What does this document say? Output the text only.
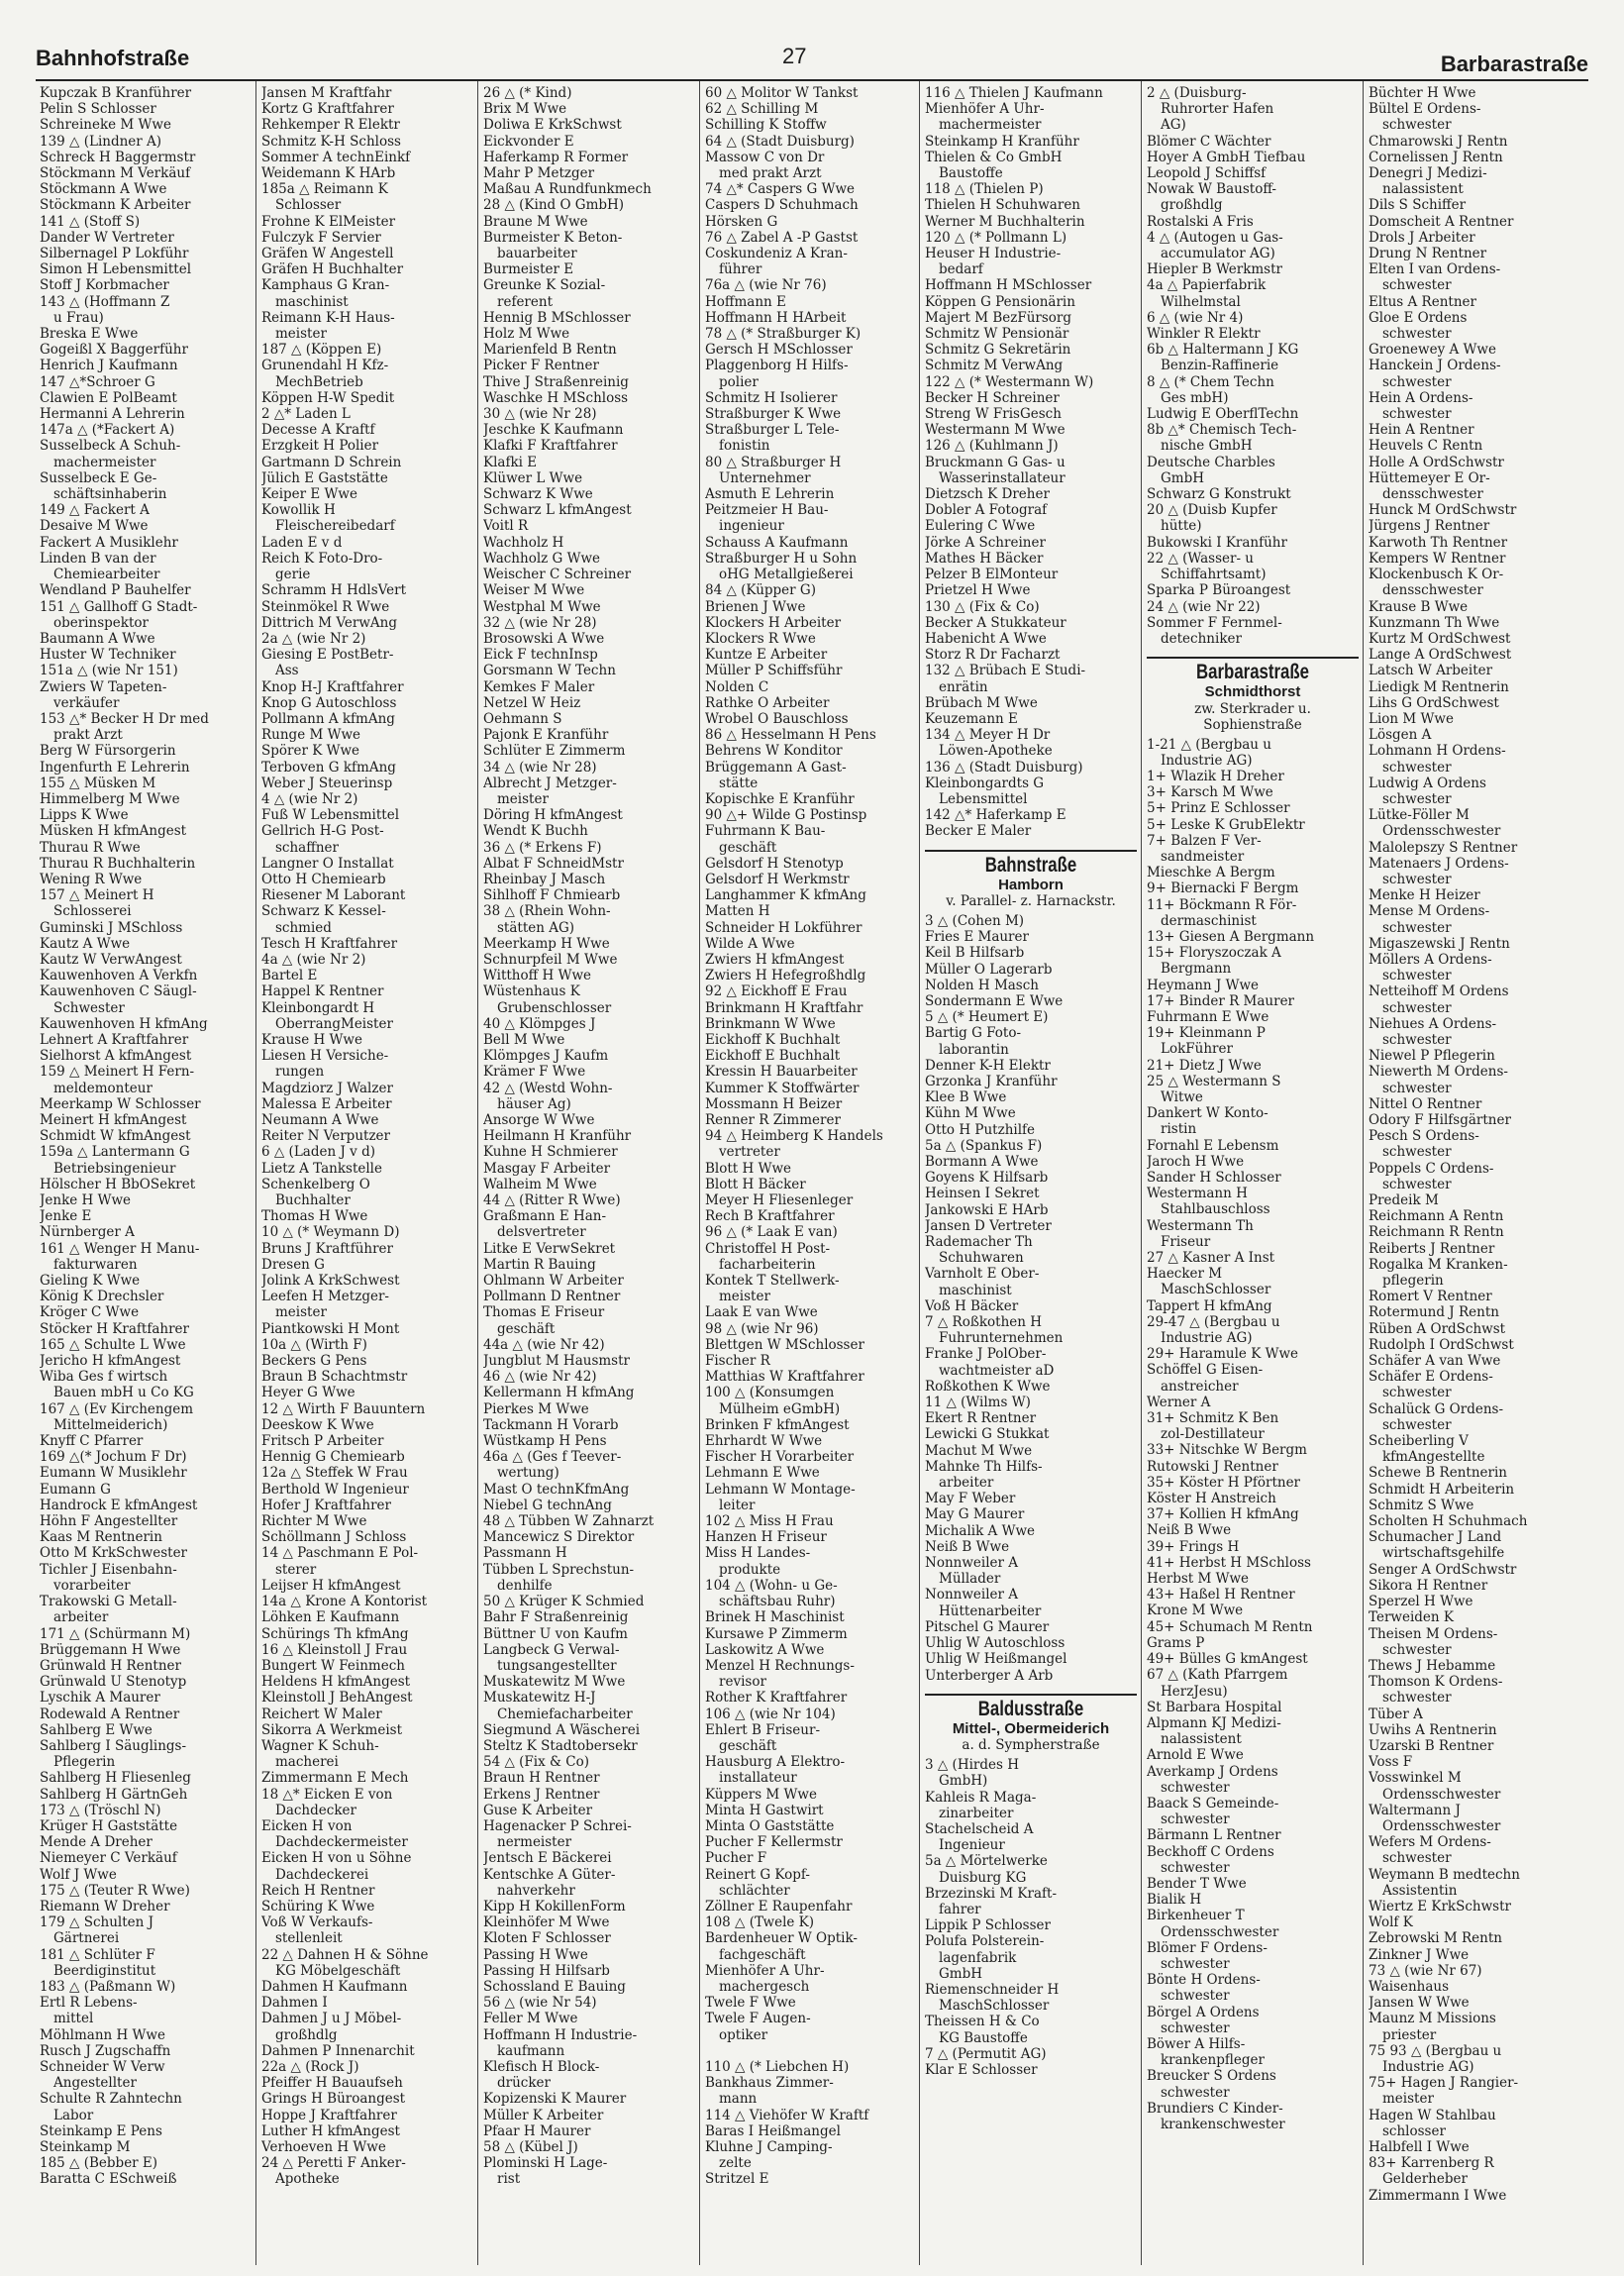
Bahnhofstraße	27	Barbarastraße
Kupczak B Kranführer
Pelin S Schlosser
Schreineke M Wwe
139 △ (Lindner A)
Schreck H Baggermstr
Stöckmann M Verkäuf
Stöckmann A Wwe
Stöckmann K Arbeiter
141 △ (Stoff S)
Dander W Vertreter
Silbernagel P Lokführ
Simon H Lebensmittel
Stoff J Korbmacher
143 △ (Hoffmann Z
u Frau)
Breska E Wwe
Gogeißl X Baggerführ
Henrich J Kaufmann
147 △*Schroer G
Clawien E PolBeamt
Hermanni A Lehrerin
147a △ (*Fackert A)
Susselbeck A Schuh-
machermeister
Susselbeck E Ge-
schäftsinhaberin
149 △ Fackert A
Desaive M Wwe
Fackert A Musiklehr
Linden B van der
Chemiearbeiter
Wendland P Bauhelfer
151 △ Gallhoff G Stadt-
oberinspektor
Baumann A Wwe
Huster W Techniker
151a △ (wie Nr 151)
Zwiers W Tapeten-
verkäufer
153 △* Becker H Dr med
prakt Arzt
Berg W Fürsorgerin
Ingenfurth E Lehrerin
155 △ Müsken M
Himmelberg M Wwe
Lipps K Wwe
Müsken H kfmAngest
Thurau R Wwe
Thurau R Buchhalterin
Wening R Wwe
157 △ Meinert H
Schlosserei
Guminski J MSchloss
Kautz A Wwe
Kautz W VerwAngest
Kauwenhoven A Verkfn
Kauwenhoven C Säugl-
Schwester
Kauwenhoven H kfmAng
Lehnert A Kraftfahrer
Sielhorst A kfmAngest
159 △ Meinert H Fern-
meldemonteur
Meerkamp W Schlosser
Meinert H kfmAngest
Schmidt W kfmAngest
159a △ Lantermann G
Betriebsingenieur
Hölscher H BbOSekret
Jenke H Wwe
Jenke E
Nürnberger A
161 △ Wenger H Manu-
fakturwaren
Gieling K Wwe
König K Drechsler
Kröger C Wwe
Stöcker H Kraftfahrer
165 △ Schulte L Wwe
Jericho H kfmAngest
Wiba Ges f wirtsch
Bauen mbH u Co KG
167 △ (Ev Kirchengem
Mittelmeiderich)
Knyff C Pfarrer
169 △(* Jochum F Dr)
Eumann W Musiklehr
Eumann G
Handrock E kfmAngest
Höhn F Angestellter
Kaas M Rentnerin
Otto M KrkSchwester
Tichler J Eisenbahn-
vorarbeiter
Trakowski G Metall-
arbeiter
171 △ (Schürmann M)
Brüggemann H Wwe
Grünwald H Rentner
Grünwald U Stenotyp
Lyschik A Maurer
Rodewald A Rentner
Sahlberg E Wwe
Sahlberg I Säuglings-
Pflegerin
Sahlberg H Fliesenleg
Sahlberg H GärtnGeh
173 △ (Tröschl N)
Krüger H Gaststätte
Mende A Dreher
Niemeyer C Verkäuf
Wolf J Wwe
175 △ (Teuter R Wwe)
Riemann W Dreher
179 △ Schulten J
Gärtnerei
181 △ Schlüter F
Beerdiginstitut
183 △ (Paßmann W)
Ertl R Lebens-
mittel
Möhlmann H Wwe
Rusch J Zugschaffn
Schneider W Verw
Angestellter
Schulte R Zahntechn
Labor
Steinkamp E Pens
Steinkamp M
185 △ (Bebber E)
Baratta C ESchweiß
Jansen M Kraftfahr
Kortz G Kraftfahrer
Rehkemper R Elektr
Schmitz K-H Schloss
Sommer A technEinkf
Weidemann K HArb
185a △ Reimann K
Schlosser
Frohne K ElMeister
Fulczyk F Servier
Gräfen W Angestell
Gräfen H Buchhalter
Kamphaus G Kran-
maschinist
Reimann K-H Haus-
meister
187 △ (Köppen E)
Grunendahl H Kfz-
MechBetrieb
Köppen H-W Spedit
2 △* Laden L
Decesse A Kraftf
Erzgkeit H Polier
Gartmann D Schrein
Jülich E Gaststätte
Keiper E Wwe
Kowollik H
Fleischereibedarf
Laden E v d
Reich K Foto-Dro-
gerie
Schramm H HdlsVert
Steinmökel R Wwe
Dittrich M VerwAng
2a △ (wie Nr 2)
Giesing E PostBetr-
Ass
Knop H-J Kraftfahrer
Knop G Autoschloss
Pollmann A kfmAng
Runge M Wwe
Spörer K Wwe
Terboven G kfmAng
Weber J Steuerinsp
4 △ (wie Nr 2)
Fuß W Lebensmittel
Gellrich H-G Post-
schaffner
Langner O Installat
Otto H Chemiearb
Riesener M Laborant
Schwarz K Kessel-
schmied
Tesch H Kraftfahrer
4a △ (wie Nr 2)
Bartel E
Happel K Rentner
Kleinbongardt H
OberrangMeister
Krause H Wwe
Liesen H Versiche-
rungen
Magdziorz J Walzer
Malessa E Arbeiter
Neumann A Wwe
Reiter N Verputzer
6 △ (Laden J v d)
Lietz A Tankstelle
Schenkelberg O
Buchhalter
Thomas H Wwe
10 △ (* Weymann D)
Bruns J Kraftführer
Dresen G
Jolink A KrkSchwest
Leefen H Metzger-
meister
Piantkowski H Mont
10a △ (Wirth F)
Beckers G Pens
Braun B Schachtmstr
Heyer G Wwe
12 △ Wirth F Bauuntern
Deeskow K Wwe
Fritsch P Arbeiter
Hennig G Chemiearb
12a △ Steffek W Frau
Berthold W Ingenieur
Hofer J Kraftfahrer
Richter M Wwe
Schöllmann J Schloss
14 △ Paschmann E Pol-
sterer
Leijser H kfmAngest
14a △ Krone A Kontorist
Löhken E Kaufmann
Schürings Th kfmAng
16 △ Kleinstoll J Frau
Bungert W Feinmech
Heldens H kfmAngest
Kleinstoll J BehAngest
Reichert W Maler
Sikorra A Werkmeist
Wagner K Schuh-
macherei
Zimmermann E Mech
18 △* Eicken E von
Dachdecker
Eicken H von
Dachdeckermeister
Eicken H von u Söhne
Dachdeckerei
Reich H Rentner
Schüring K Wwe
Voß W Verkaufs-
stellenleit
22 △ Dahnen H & Söhne
KG Möbelgeschäft
Dahmen H Kaufmann
Dahmen I
Dahmen J u J Möbel-
großhdlg
Dahmen P Innenarchit
22a △ (Rock J)
Pfeiffer H Bauaufseh
Grings H Büroangest
Hoppe J Kraftfahrer
Luther H kfmAngest
Verhoeven H Wwe
24 △ Peretti F Anker-
Apotheke
26 △ (* Kind)
Brix M Wwe
Doliwa E KrkSchwst
Eickvonder E
Haferkamp R Former
Mahr P Metzger
Maßau A Rundfunkmech
28 △ (Kind O GmbH)
Braune M Wwe
Burmeister K Beton-
bauarbeiter
Burmeister E
Greunke K Sozial-
referent
Hennig B MSchlosser
Holz M Wwe
Marienfeld B Rentn
Picker F Rentner
Thive J Straßenreinig
Waschke H MSchloss
30 △ (wie Nr 28)
Jeschke K Kaufmann
Klafki F Kraftfahrer
Klafki E
Klüwer L Wwe
Schwarz K Wwe
Schwarz L kfmAngest
Voitl R
Wachholz H
Wachholz G Wwe
Weischer C Schreiner
Weiser M Wwe
Westphal M Wwe
32 △ (wie Nr 28)
Brosowski A Wwe
Eick F technInsp
Gorsmann W Techn
Kemkes F Maler
Netzel W Heiz
Oehmann S
Pajonk E Kranführ
Schlüter E Zimmerm
34 △ (wie Nr 28)
Albrecht J Metzger-
meister
Döring H kfmAngest
Wendt K Buchh
36 △ (* Erkens F)
Albat F SchneidMstr
Rheinbay J Masch
Sihlhoff F Chmiearb
38 △ (Rhein Wohn-
stätten AG)
Meerkamp H Wwe
Schnurpfeil M Wwe
Witthoff H Wwe
Wüstenhaus K
Grubenschlosser
40 △ Klömpges J
Bell M Wwe
Klömpges J Kaufm
Krämer F Wwe
42 △ (Westd Wohn-
häuser Ag)
Ansorge W Wwe
Heilmann H Kranführ
Kuhne H Schmierer
Masgay F Arbeiter
Walheim M Wwe
44 △ (Ritter R Wwe)
Graßmann E Han-
delsvertreter
Litke E VerwSekret
Martin R Bauing
Ohlmann W Arbeiter
Pollmann D Rentner
Thomas E Friseur
geschäft
44a △ (wie Nr 42)
Jungblut M Hausmstr
46 △ (wie Nr 42)
Kellermann H kfmAng
Pierkes M Wwe
Tackmann H Vorarb
Wüstkamp H Pens
46a △ (Ges f Teever-
wertung)
Mast O technKfmAng
Niebel G technAng
48 △ Tübben W Zahnarzt
Mancewicz S Direktor
Passmann H
Tübben L Sprechstun-
denhilfe
50 △ Krüger K Schmied
Bahr F Straßenreinig
Büttner U von Kaufm
Langbeck G Verwal-
tungsangestellter
Muskatewitz M Wwe
Muskatewitz H-J
Chemiefacharbeiter
Siegmund A Wäscherei
Steltz K Stadtobersekr
54 △ (Fix & Co)
Braun H Rentner
Erkens J Rentner
Guse K Arbeiter
Hagenacker P Schrei-
nermeister
Jentsch E Bäckerei
Kentschke A Güter-
nahverkehr
Kipp H KokillenForm
Kleinhöfer M Wwe
Kloten F Schlosser
Passing H Wwe
Passing H Hilfsarb
Schossland E Bauing
56 △ (wie Nr 54)
Feller M Wwe
Hoffmann H Industrie-
kaufmann
Klefisch H Block-
drücker
Kopizenski K Maurer
Müller K Arbeiter
Pfaar H Maurer
58 △ (Kübel J)
Plominski H Lage-
rist
60 △ Molitor W Tankst
62 △ Schilling M
Schilling K Stoffw
64 △ (Stadt Duisburg)
Massow C von Dr
med prakt Arzt
74 △* Caspers G Wwe
Caspers D Schuhmach
Hörsken G
76 △ Zabel A -P Gastst
Coskundeniz A Kran-
führer
76a △ (wie Nr 76)
Hoffmann E
Hoffmann H HArbeit
78 △ (* Straßburger K)
Gersch H MSchlosser
Plaggenborg H Hilfs-
polier
Schmitz H Isolierer
Straßburger K Wwe
Straßburger L Tele-
fonistin
80 △ Straßburger H
Unternehmer
Asmuth E Lehrerin
Peitzmeier H Bau-
ingenieur
Schauss A Kaufmann
Straßburger H u Sohn
oHG Metallgießerei
84 △ (Küpper G)
Brienen J Wwe
Klockers H Arbeiter
Klockers R Wwe
Kuntze E Arbeiter
Müller P Schiffsführ
Nolden C
Rathke O Arbeiter
Wrobel O Bauschloss
86 △ Hesselmann H Pens
Behrens W Konditor
Brüggemann A Gast-
stätte
Kopischke E Kranführ
90 △+ Wilde G Postinsp
Fuhrmann K Bau-
geschäft
Gelsdorf H Stenotyp
Gelsdorf H Werkmstr
Langhammer K kfmAng
Matten H
Schneider H Lokführer
Wilde A Wwe
Zwiers H kfmAngest
Zwiers H Hefegroßhdlg
92 △ Eickhoff E Frau
Brinkmann H Kraftfahr
Brinkmann W Wwe
Eickhoff K Buchhalt
Eickhoff E Buchhalt
Kressin H Bauarbeiter
Kummer K Stoffwärter
Mossmann H Beizer
Renner R Zimmerer
94 △ Heimberg K Handels
vertreter
Blott H Wwe
Blott H Bäcker
Meyer H Fliesenleger
Rech B Kraftfahrer
96 △ (* Laak E van)
Christoffel H Post-
facharbeiterin
Kontek T Stellwerk-
meister
Laak E van Wwe
98 △ (wie Nr 96)
Blettgen W MSchlosser
Fischer R
Matthias W Kraftfahrer
100 △ (Konsumgen
Mülheim eGmbH)
Brinken F kfmAngest
Ehrhardt W Wwe
Fischer H Vorarbeiter
Lehmann E Wwe
Lehmann W Montage-
leiter
102 △ Miss H Frau
Hanzen H Friseur
Miss H Landes-
produkte
104 △ (Wohn- u Ge-
schäftsbau Ruhr)
Brinek H Maschinist
Kursawe P Zimmerm
Laskowitz A Wwe
Menzel H Rechnungs-
revisor
Rother K Kraftfahrer
106 △ (wie Nr 104)
Ehlert B Friseur-
geschäft
Hausburg A Elektro-
installateur
Küppers M Wwe
Minta H Gastwirt
Minta O Gaststätte
Pucher F Kellermstr
Pucher F
Reinert G Kopf-
schlächter
Zöllner E Raupenfahr
108 △ (Twele K)
Bardenheuer W Optik-
fachgeschäft
Mienhöfer A Uhr-
machergesch
Twele F Wwe
Twele F Augen-
optiker

110 △ (* Liebchen H)
Bankhaus Zimmer-
mann
114 △ Viehöfer W Kraftf
Baras I Heißmangel
Kluhne J Camping-
zelte
Stritzel E
116 △ Thielen J Kaufmann
Mienhöfer A Uhr-
machermeister
Steinkamp H Kranführ
Thielen & Co GmbH
Baustoffe
118 △ (Thielen P)
Thielen H Schuhwaren
Werner M Buchhalterin
120 △ (* Pollmann L)
Heuser H Industrie-
bedarf
Hoffmann H MSchlosser
Köppen G Pensionärin
Majert M BezFürsorg
Schmitz W Pensionär
Schmitz G Sekretärin
Schmitz M VerwAng
122 △ (* Westermann W)
Becker H Schreiner
Streng W FrisGesch
Westermann M Wwe
126 △ (Kuhlmann J)
Bruckmann G Gas- u
Wasserinstallateur
Dietzsch K Dreher
Dobler A Fotograf
Eulering C Wwe
Jörke A Schreiner
Mathes H Bäcker
Pelzer B ElMonteur
Prietzel H Wwe
130 △ (Fix & Co)
Becker A Stukkateur
Habenicht A Wwe
Storz R Dr Facharzt
132 △ Brübach E Studi-
enrätin
Brübach M Wwe
Keuzemann E
134 △ Meyer H Dr
Löwen-Apotheke
136 △ (Stadt Duisburg)
Kleinbongardts G
Lebensmittel
142 △* Haferkamp E
Becker E Maler
Bahnstraße
Hamborn
v. Parallel- z. Harnackstr.
3 △ (Cohen M)
Fries E Maurer
Keil B Hilfsarb
Müller O Lagerarb
Nolden H Masch
Sondermann E Wwe
5 △ (* Heumert E)
Bartig G Foto-
laborantin
Denner K-H Elektr
Grzonka J Kranführ
Klee B Wwe
Kühn M Wwe
Otto H Putzhilfe
5a △ (Spankus F)
Bormann A Wwe
Goyens K Hilfsarb
Heinsen I Sekret
Jankowski E HArb
Jansen D Vertreter
Rademacher Th
Schuhwaren
Varnholt E Ober-
maschinist
Voß H Bäcker
7 △ Roßkothen H
Fuhrunternehmen
Franke J PolOber-
wachtmeister aD
Roßkothen K Wwe
11 △ (Wilms W)
Ekert R Rentner
Lewicki G Stukkat
Machut M Wwe
Mahnke Th Hilfs-
arbeiter
May F Weber
May G Maurer
Michalik A Wwe
Neiß B Wwe
Nonnweiler A
Müllader
Nonnweiler A
Hüttenarbeiter
Pitschel G Maurer
Uhlig W Autoschloss
Uhlig W Heißmangel
Unterberger A Arb
Baldusstraße
Mittel-, Obermeiderich
a. d. Sympherstraße
3 △ (Hirdes H
GmbH)
Kahleis R Maga-
zinarbeiter
Stachelscheid A
Ingenieur
5a △ Mörtelwerke
Duisburg KG
Brzezinski M Kraft-
fahrer
Lippik P Schlosser
Polufa Polsterein-
lagenfabrik
GmbH
Riemenschneider H
MaschSchlosser
Theissen H & Co
KG Baustoffe
7 △ (Permutit AG)
Klar E Schlosser
2 △ (Duisburg-
Ruhrorter Hafen
AG)
Blömer C Wächter
Hoyer A GmbH Tiefbau
Leopold J Schiffsf
Nowak W Baustoff-
großhdlg
Rostalski A Fris
4 △ (Autogen u Gas-
accumulator AG)
Hiepler B Werkmstr
4a △ Papierfabrik
Wilhelmstal
6 △ (wie Nr 4)
Winkler R Elektr
6b △ Haltermann J KG
Benzin-Raffinerie
8 △ (* Chem Techn
Ges mbH)
Ludwig E OberflTechn
8b △* Chemisch Tech-
nische GmbH
Deutsche Charbles
GmbH
Schwarz G Konstrukt
20 △ (Duisb Kupfer
hütte)
Bukowski I Kranführ
22 △ (Wasser- u
Schiffahrtsamt)
Sparka P Büroangest
24 △ (wie Nr 22)
Sommer F Fernmel-
detechniker
Barbarastraße
Schmidthorst
zw. Sterkrader u.
Sophienstraße
1-21 △ (Bergbau u
Industrie AG)
1+ Wlazik H Dreher
3+ Karsch M Wwe
5+ Prinz E Schlosser
5+ Leske K GrubElektr
7+ Balzen F Ver-
sandmeister
Mieschke A Bergm
9+ Biernacki F Bergm
11+ Böckmann R För-
dermaschinist
13+ Giesen A Bergmann
15+ Floryszoczak A
Bergmann
Heymann J Wwe
17+ Binder R Maurer
Fuhrmann E Wwe
19+ Kleinmann P
LokFührer
21+ Dietz J Wwe
25 △ Westermann S
Witwe
Dankert W Konto-
ristin
Fornahl E Lebensm
Jaroch H Wwe
Sander H Schlosser
Westermann H
Stahlbauschloss
Westermann Th
Friseur
27 △ Kasner A Inst
Haecker M
MaschSchlosser
Tappert H kfmAng
29-47 △ (Bergbau u
Industrie AG)
29+ Haramule K Wwe
Schöffel G Eisen-
anstreicher
Werner A
31+ Schmitz K Ben
zol-Destillateur
33+ Nitschke W Bergm
Rutowski J Rentner
35+ Köster H Pförtner
Köster H Anstreich
37+ Kollien H kfmAng
Neiß B Wwe
39+ Frings H
41+ Herbst H MSchloss
Herbst M Wwe
43+ Haßel H Rentner
Krone M Wwe
45+ Schumach M Rentn
Grams P
49+ Bülles G kmAngest
67 △ (Kath Pfarrgem
HerzJesu)
St Barbara Hospital
Alpmann KJ Medizi-
nalassistent
Arnold E Wwe
Averkamp J Ordens
schwester
Baack S Gemeinde-
schwester
Bärmann L Rentner
Beckhoff C Ordens
schwester
Bender T Wwe
Bialik H
Birkenheuer T
Ordensschwester
Blömer F Ordens-
schwester
Bönte H Ordens-
schwester
Börgel A Ordens
schwester
Böwer A Hilfs-
krankenpfleger
Breucker S Ordens
schwester
Brundiers C Kinder-
krankenschwester
Büchter H Wwe
Bültel E Ordens-
schwester
Chmarowski J Rentn
Cornelissen J Rentn
Denegri J Medizi-
nalassistent
Dils S Schiffer
Domscheit A Rentner
Drols J Arbeiter
Drung N Rentner
Elten I van Ordens-
schwester
Eltus A Rentner
Gloe E Ordens
schwester
Groenewey A Wwe
Hanckein J Ordens-
schwester
Hein A Ordens-
schwester
Hein A Rentner
Heuvels C Rentn
Holle A OrdSchwstr
Hüttemeyer E Or-
densschwester
Hunck M OrdSchwstr
Jürgens J Rentner
Karwoth Th Rentner
Kempers W Rentner
Klockenbusch K Or-
densschwester
Krause B Wwe
Kunzmann Th Wwe
Kurtz M OrdSchwest
Lange A OrdSchwest
Latsch W Arbeiter
Liedigk M Rentnerin
Lihs G OrdSchwest
Lion M Wwe
Lösgen A
Lohmann H Ordens-
schwester
Ludwig A Ordens
schwester
Lütke-Föller M
Ordensschwester
Malolepszy S Rentner
Matenaers J Ordens-
schwester
Menke H Heizer
Mense M Ordens-
schwester
Migaszewski J Rentn
Möllers A Ordens-
schwester
Netteihoff M Ordens
schwester
Niehues A Ordens-
schwester
Niewel P Pflegerin
Niewerth M Ordens-
schwester
Nittel O Rentner
Odory F Hilfsgärtner
Pesch S Ordens-
schwester
Poppels C Ordens-
schwester
Predeik M
Reichmann A Rentn
Reichmann R Rentn
Reiberts J Rentner
Rogalka M Kranken-
pflegerin
Romert V Rentner
Rotermund J Rentn
Rüben A OrdSchwst
Rudolph I OrdSchwst
Schäfer A van Wwe
Schäfer E Ordens-
schwester
Schalück G Ordens-
schwester
Scheiberling V
kfmAngestellte
Schewe B Rentnerin
Schmidt H Arbeiterin
Schmitz S Wwe
Scholten H Schuhmach
Schumacher J Land
wirtschaftsgehilfe
Senger A OrdSchwstr
Sikora H Rentner
Sperzel H Wwe
Terweiden K
Theisen M Ordens-
schwester
Thews J Hebamme
Thomson K Ordens-
schwester
Tüber A
Uwihs A Rentnerin
Uzarski B Rentner
Voss F
Vosswinkel M
Ordensschwester
Waltermann J
Ordensschwester
Wefers M Ordens-
schwester
Weymann B medtechn
Assistentin
Wiertz E KrkSchwstr
Wolf K
Zebrowski M Rentn
Zinkner J Wwe
73 △ (wie Nr 67)
Waisenhaus
Jansen W Wwe
Maunz M Missions
priester
75 93 △ (Bergbau u
Industrie AG)
75+ Hagen J Rangier-
meister
Hagen W Stahlbau
schlosser
Halbfell I Wwe
83+ Karrenberg R
Gelderheber
Zimmermann I Wwe
